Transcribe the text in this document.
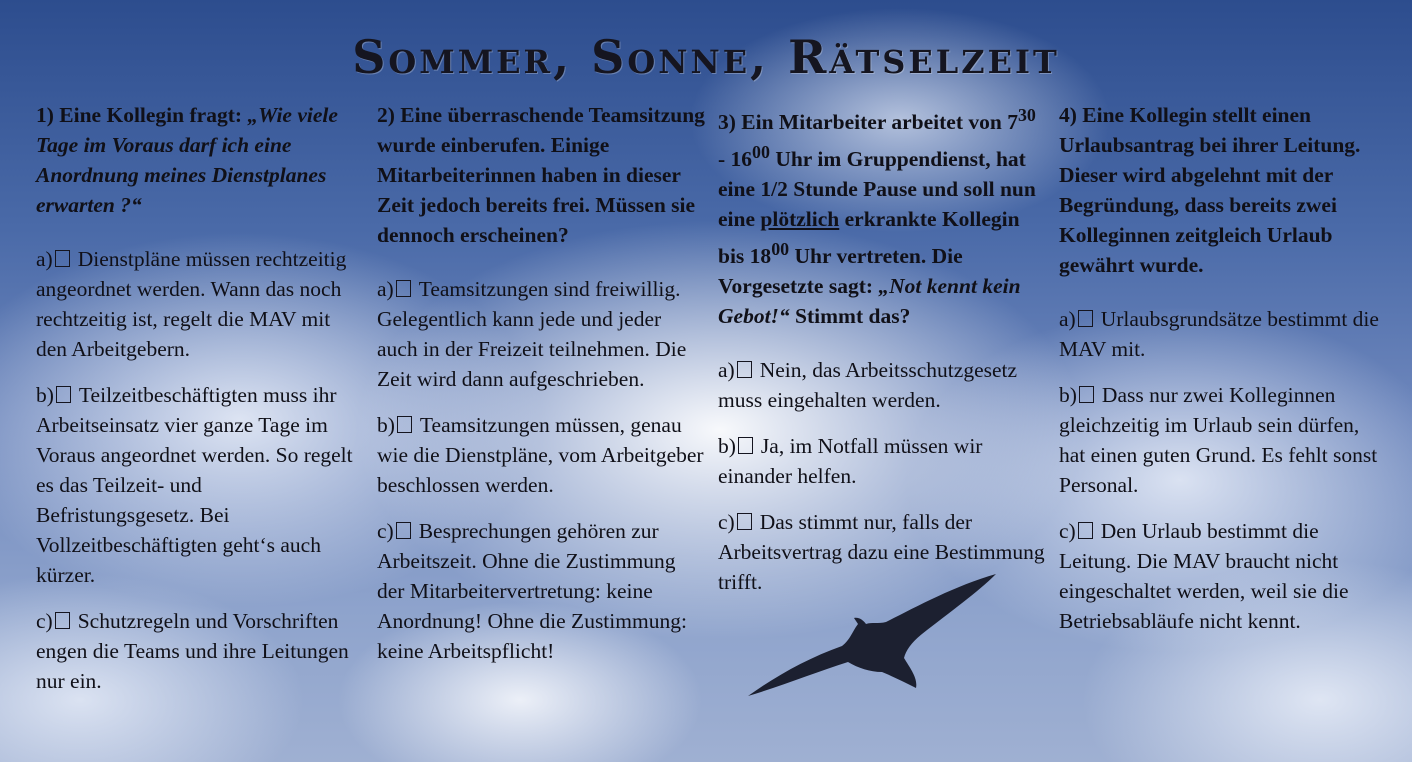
Sommer, Sonne, Rätselzeit

1) Eine Kollegin fragt: „Wie viele Tage im Voraus darf ich eine Anordnung meines Dienstplanes erwarten ?“

a) Dienstpläne müssen rechtzeitig angeordnet werden. Wann das noch rechtzeitig ist, regelt die MAV mit den Arbeitgebern.

b) Teilzeitbeschäftigten muss ihr Arbeitseinsatz vier ganze Tage im Voraus angeordnet werden. So regelt es das Teilzeit- und Befristungsgesetz. Bei Vollzeitbeschäftigten geht‘s auch kürzer.

c) Schutzregeln und Vorschriften engen die Teams und ihre Leitungen nur ein.

2) Eine überraschende Teamsitzung wurde einberufen. Einige Mitarbeiterinnen haben in dieser Zeit jedoch bereits frei. Müssen sie dennoch erscheinen?

a) Teamsitzungen sind freiwillig. Gelegentlich kann jede und jeder auch in der Freizeit teilnehmen. Die Zeit wird dann aufgeschrieben.

b) Teamsitzungen müssen, genau wie die Dienstpläne, vom Arbeitgeber beschlossen werden.

c) Besprechungen gehören zur Arbeitszeit. Ohne die Zustimmung der Mitarbeitervertretung: keine Anordnung! Ohne die Zustimmung: keine Arbeitspflicht!

3) Ein Mitarbeiter arbeitet von $7^{30} - 16^{00}$ Uhr im Gruppendienst, hat eine 1/2 Stunde Pause und soll nun eine plötzlich erkrankte Kollegin bis $18^{00}$ Uhr vertreten. Die Vorgesetzte sagt: „Not kennt kein Gebot!“ Stimmt das?

a) Nein, das Arbeitsschutzgesetz muss eingehalten werden.

b) Ja, im Notfall müssen wir einander helfen.

c) Das stimmt nur, falls der Arbeitsvertrag dazu eine Bestimmung trifft.

4) Eine Kollegin stellt einen Urlaubsantrag bei ihrer Leitung. Dieser wird abgelehnt mit der Begründung, dass bereits zwei Kolleginnen zeitgleich Urlaub gewährt wurde.

a) Urlaubsgrundsätze bestimmt die MAV mit.

b) Dass nur zwei Kolleginnen gleichzeitig im Urlaub sein dürfen, hat einen guten Grund. Es fehlt sonst Personal.

c) Den Urlaub bestimmt die Leitung. Die MAV braucht nicht eingeschaltet werden, weil sie die Betriebsabläufe nicht kennt.
